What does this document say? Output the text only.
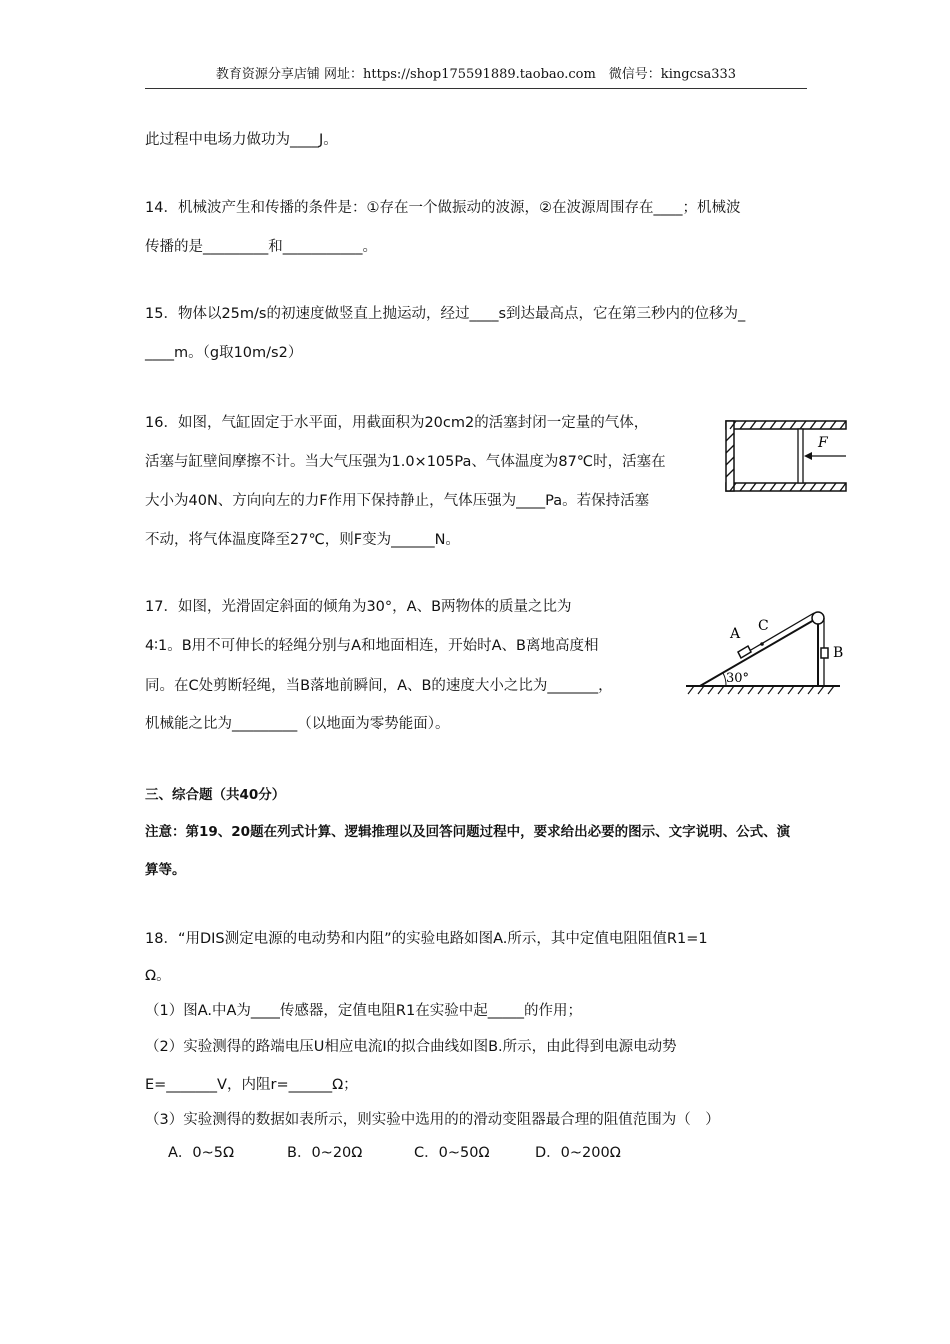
教育资源分享店铺 网址：https://shop175591889.taobao.com　微信号：kingcsa333
此过程中电场力做功为____J。
14．机械波产生和传播的条件是：①存在一个做振动的波源，②在波源周围存在____；机械波
传播的是_________和___________。
15．物体以25m/s的初速度做竖直上抛运动，经过____s到达最高点，它在第三秒内的位移为_
____m。（g取10m/s2）
16．如图，气缸固定于水平面，用截面积为20cm2的活塞封闭一定量的气体，
活塞与缸壁间摩擦不计。当大气压强为1.0×105Pa、气体温度为87℃时，活塞在
大小为40N、方向向左的力F作用下保持静止，气体压强为____Pa。若保持活塞
不动，将气体温度降至27℃，则F变为______N。
F
17．如图，光滑固定斜面的倾角为30°，A、B两物体的质量之比为
4∶1。B用不可伸长的轻绳分别与A和地面相连，开始时A、B离地高度相
同。在C处剪断轻绳，当B落地前瞬间，A、B的速度大小之比为_______，
机械能之比为_________（以地面为零势能面）。
30°
A C
B
三、综合题（共40分）
注意：第19、20题在列式计算、逻辑推理以及回答问题过程中，要求给出必要的图示、文字说明、公式、演
算等。
18．“用DIS测定电源的电动势和内阻”的实验电路如图A.所示，其中定值电阻阻值R1=1
Ω。
（1）图A.中A为____传感器，定值电阻R1在实验中起_____的作用；
（2）实验测得的路端电压U相应电流I的拟合曲线如图B.所示，由此得到电源电动势
E=_______V，内阻r=______Ω；
（3）实验测得的数据如表所示，则实验中选用的的滑动变阻器最合理的阻值范围为（　）
A．0~5Ω	B．0~20Ω	C．0~50Ω	D．0~200Ω
